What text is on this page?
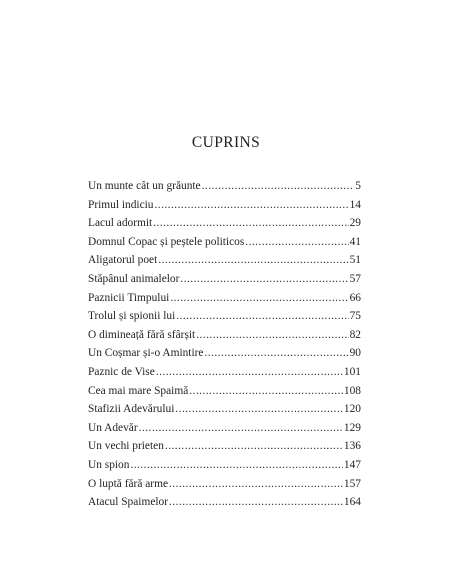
CUPRINS
Un munte cât un grăunte . . .	5
Primul indiciu . . .	14
Lacul adormit . . .	29
Domnul Copac și peștele politicos . . .	41
Aligatorul poet . . .	51
Stăpânul animalelor . . .	57
Paznicii Timpului . . .	66
Trolul și spionii lui . . .	75
O dimineață fără sfârșit . . .	82
Un Coșmar și-o Amintire . . .	90
Paznic de Vise . . .	101
Cea mai mare Spaimă . . .	108
Stafizii Adevărului . . .	120
Un Adevăr . . .	129
Un vechi prieten . . .	136
Un spion . . .	147
O luptă fără arme . . .	157
Atacul Spaimelor . . .	164
